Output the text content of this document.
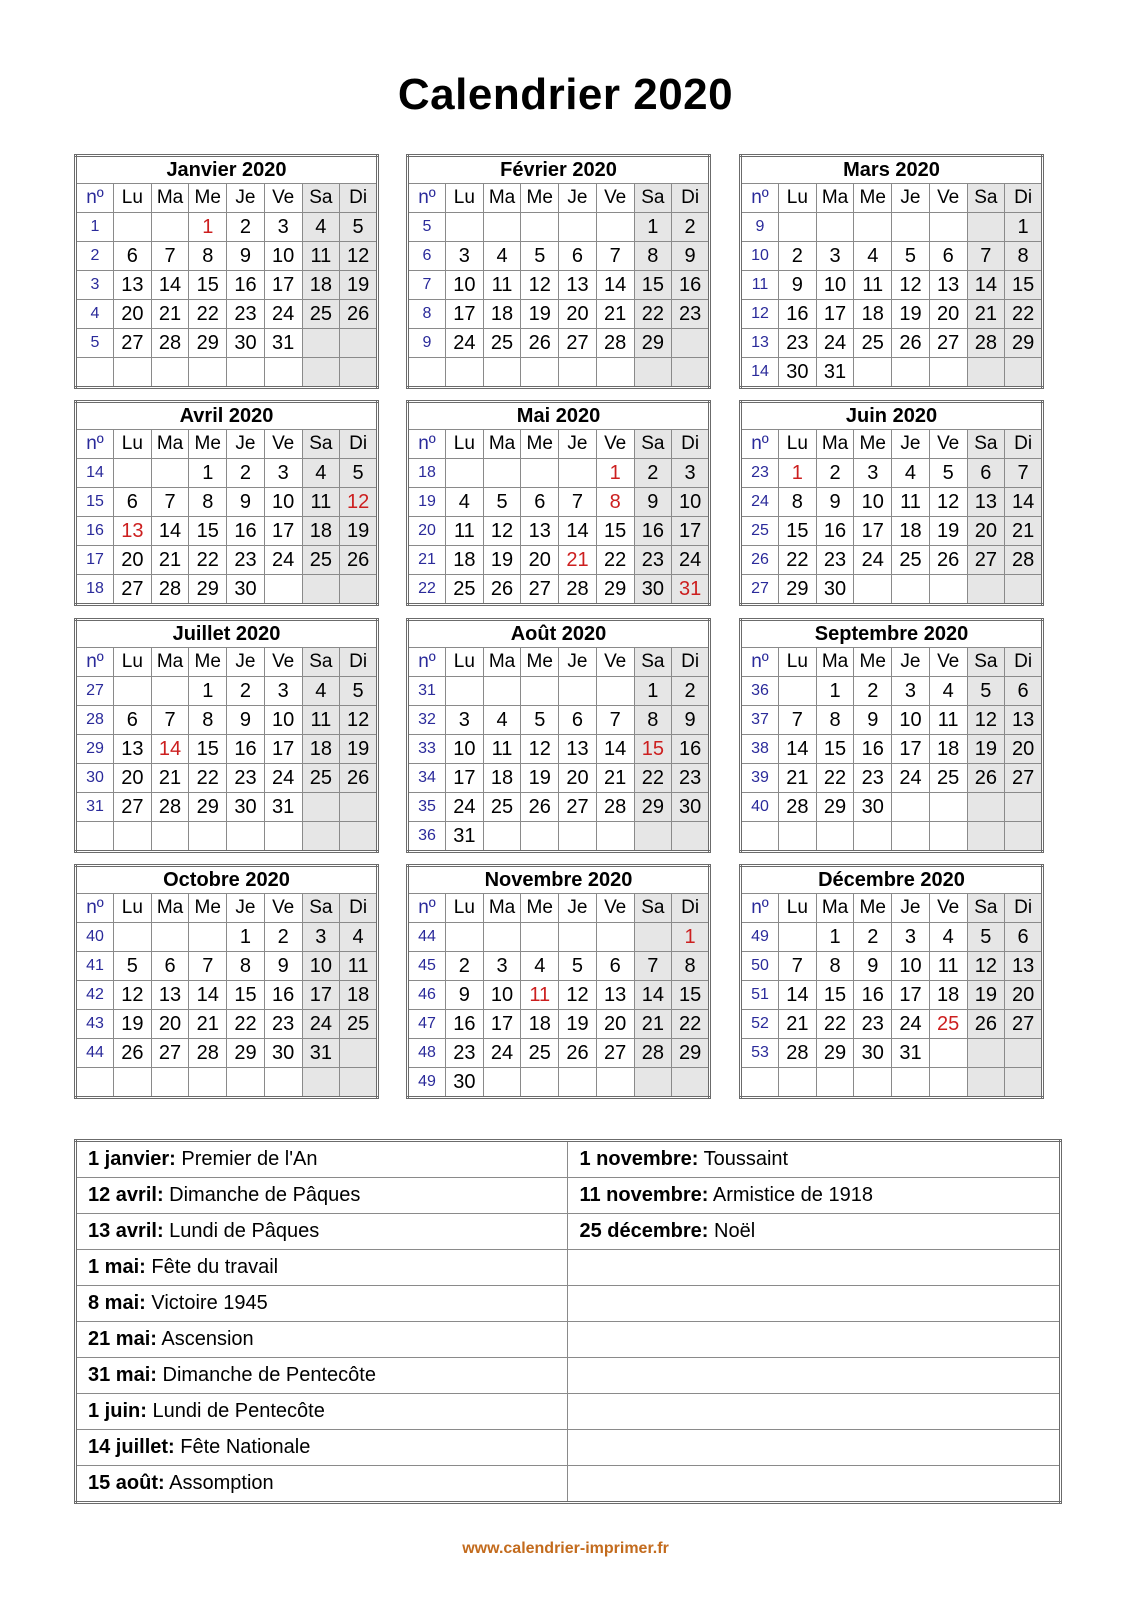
Calendrier 2020
Janvier 2020							
nº	Lu	Ma	Me	Je	Ve	Sa	Di
1			1	2	3	4	5
2	6	7	8	9	10	11	12
3	13	14	15	16	17	18	19
4	20	21	22	23	24	25	26
5	27	28	29	30	31		

Février 2020							
nº	Lu	Ma	Me	Je	Ve	Sa	Di
5						1	2
6	3	4	5	6	7	8	9
7	10	11	12	13	14	15	16
8	17	18	19	20	21	22	23
9	24	25	26	27	28	29	

Mars 2020							
nº	Lu	Ma	Me	Je	Ve	Sa	Di
9							1
10	2	3	4	5	6	7	8
11	9	10	11	12	13	14	15
12	16	17	18	19	20	21	22
13	23	24	25	26	27	28	29
14	30	31					
Avril 2020							
nº	Lu	Ma	Me	Je	Ve	Sa	Di
14			1	2	3	4	5
15	6	7	8	9	10	11	12
16	13	14	15	16	17	18	19
17	20	21	22	23	24	25	26
18	27	28	29	30			
Mai 2020							
nº	Lu	Ma	Me	Je	Ve	Sa	Di
18					1	2	3
19	4	5	6	7	8	9	10
20	11	12	13	14	15	16	17
21	18	19	20	21	22	23	24
22	25	26	27	28	29	30	31
Juin 2020							
nº	Lu	Ma	Me	Je	Ve	Sa	Di
23	1	2	3	4	5	6	7
24	8	9	10	11	12	13	14
25	15	16	17	18	19	20	21
26	22	23	24	25	26	27	28
27	29	30					
Juillet 2020							
nº	Lu	Ma	Me	Je	Ve	Sa	Di
27			1	2	3	4	5
28	6	7	8	9	10	11	12
29	13	14	15	16	17	18	19
30	20	21	22	23	24	25	26
31	27	28	29	30	31		

Août 2020							
nº	Lu	Ma	Me	Je	Ve	Sa	Di
31						1	2
32	3	4	5	6	7	8	9
33	10	11	12	13	14	15	16
34	17	18	19	20	21	22	23
35	24	25	26	27	28	29	30
36	31						
Septembre 2020							
nº	Lu	Ma	Me	Je	Ve	Sa	Di
36		1	2	3	4	5	6
37	7	8	9	10	11	12	13
38	14	15	16	17	18	19	20
39	21	22	23	24	25	26	27
40	28	29	30				

Octobre 2020							
nº	Lu	Ma	Me	Je	Ve	Sa	Di
40				1	2	3	4
41	5	6	7	8	9	10	11
42	12	13	14	15	16	17	18
43	19	20	21	22	23	24	25
44	26	27	28	29	30	31	

Novembre 2020							
nº	Lu	Ma	Me	Je	Ve	Sa	Di
44							1
45	2	3	4	5	6	7	8
46	9	10	11	12	13	14	15
47	16	17	18	19	20	21	22
48	23	24	25	26	27	28	29
49	30						
Décembre 2020							
nº	Lu	Ma	Me	Je	Ve	Sa	Di
49		1	2	3	4	5	6
50	7	8	9	10	11	12	13
51	14	15	16	17	18	19	20
52	21	22	23	24	25	26	27
53	28	29	30	31			

1 janvier: Premier de l'An	1 novembre: Toussaint
12 avril: Dimanche de Pâques	11 novembre: Armistice de 1918
13 avril: Lundi de Pâques	25 décembre: Noël
1 mai: Fête du travail	
8 mai: Victoire 1945	
21 mai: Ascension	
31 mai: Dimanche de Pentecôte	
1 juin: Lundi de Pentecôte	
14 juillet: Fête Nationale	
15 août: Assomption	
www.calendrier-imprimer.fr
